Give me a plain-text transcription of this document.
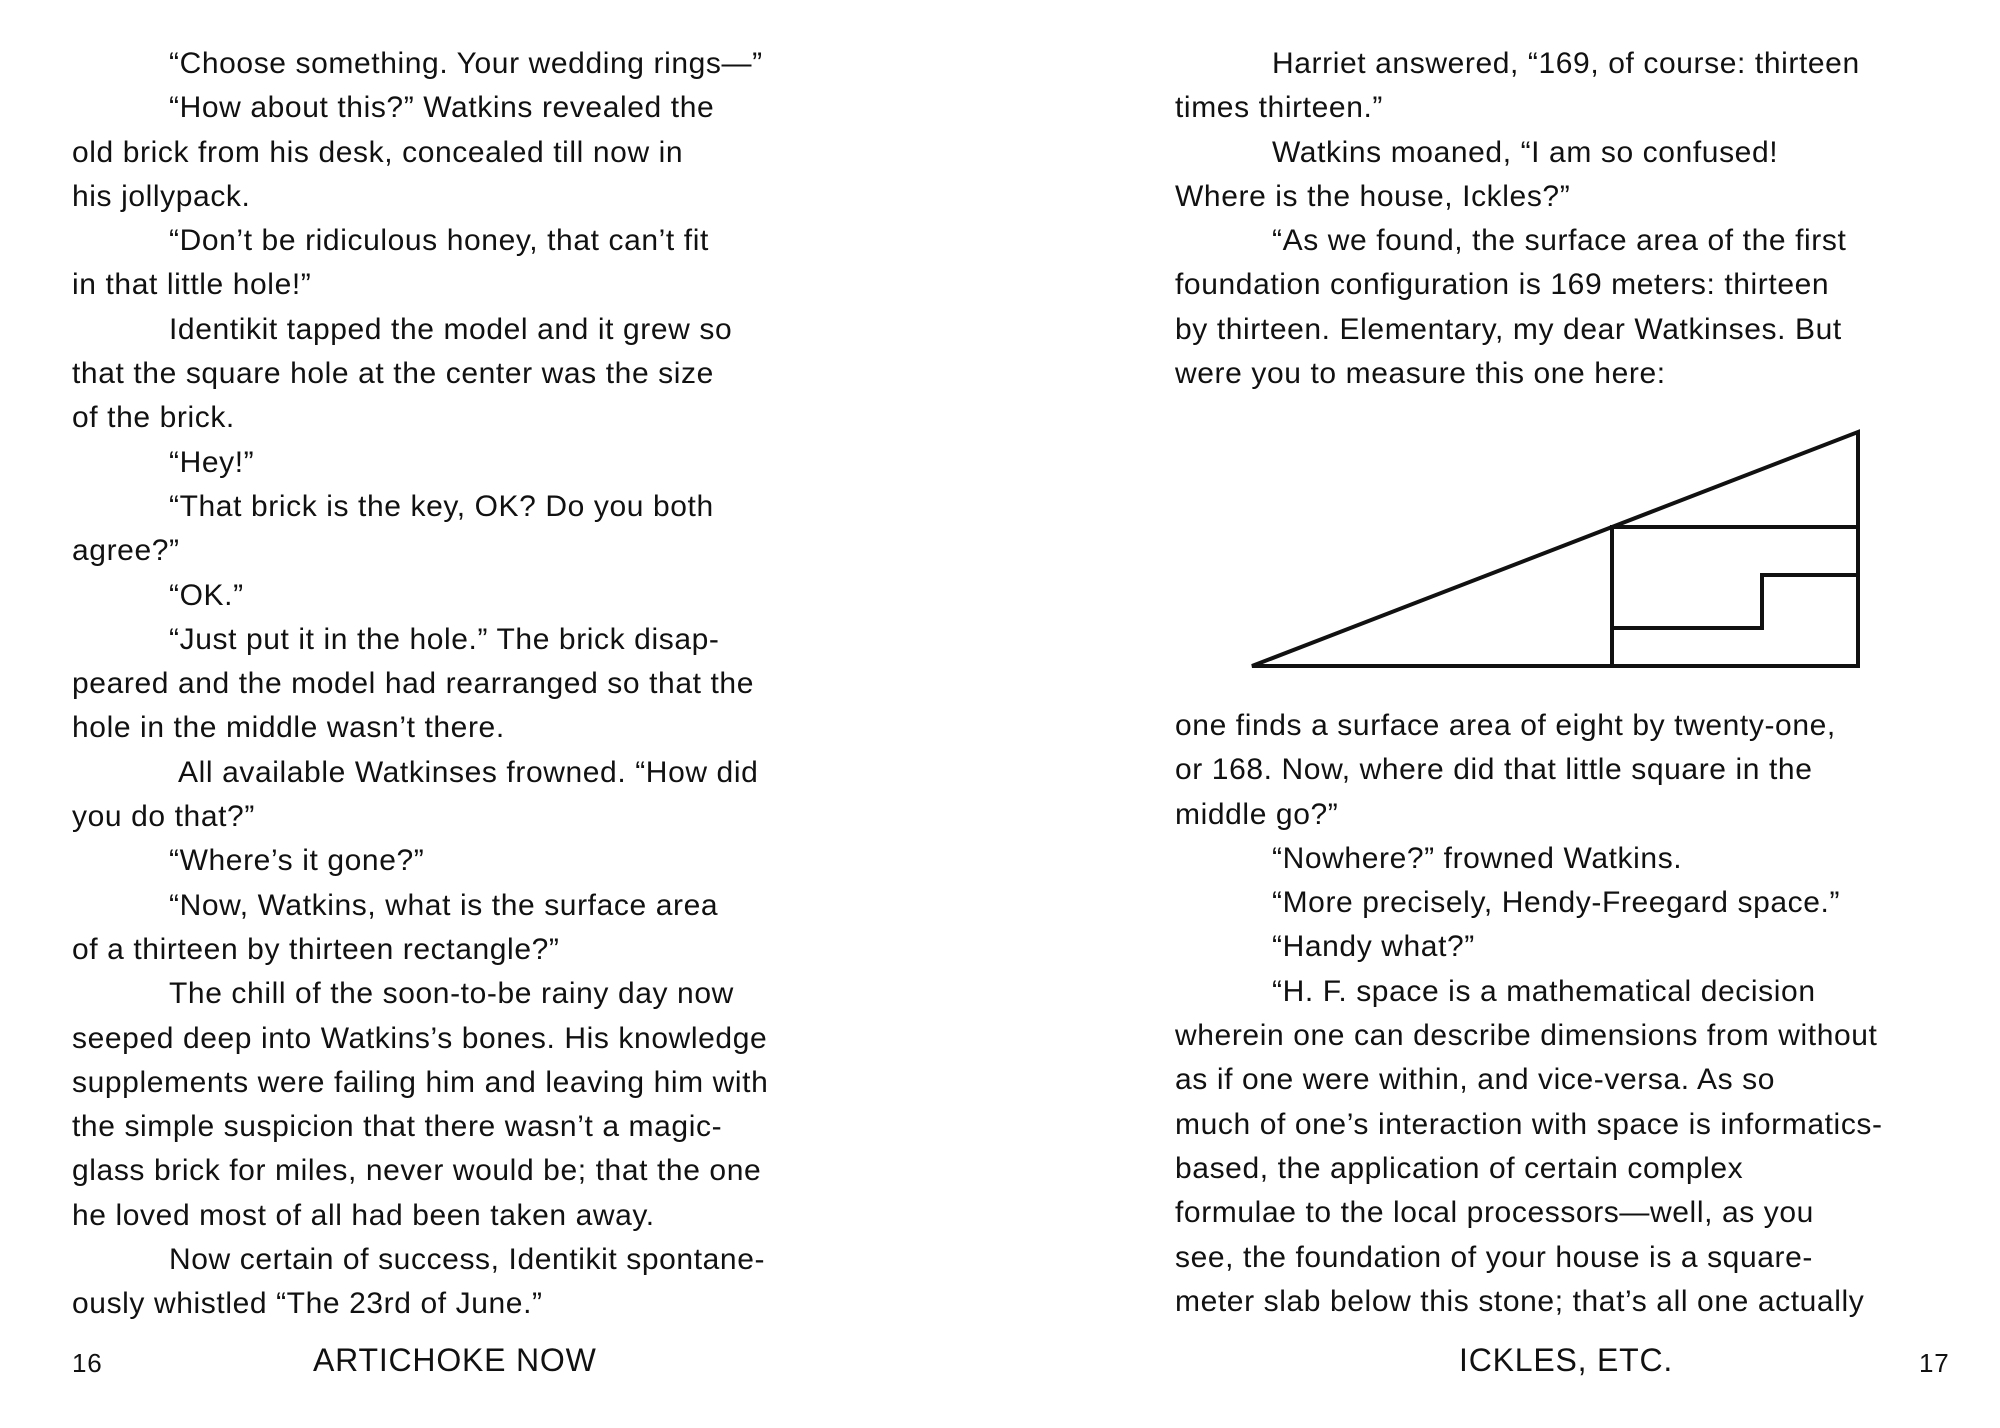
“Choose something. Your wedding rings—”
“How about this?” Watkins revealed the
old brick from his desk, concealed till now in
his jollypack.
“Don’t be ridiculous honey, that can’t fit
in that little hole!”
Identikit tapped the model and it grew so
that the square hole at the center was the size
of the brick.
“Hey!”
“That brick is the key, OK? Do you both
agree?”
“OK.”
“Just put it in the hole.” The brick disap-
peared and the model had rearranged so that the
hole in the middle wasn’t there.
All available Watkinses frowned. “How did
you do that?”
“Where’s it gone?”
“Now, Watkins, what is the surface area
of a thirteen by thirteen rectangle?”
The chill of the soon-to-be rainy day now
seeped deep into Watkins’s bones. His knowledge
supplements were failing him and leaving him with
the simple suspicion that there wasn’t a magic-
glass brick for miles, never would be; that the one
he loved most of all had been taken away.
Now certain of success, Identikit spontane-
ously whistled “The 23rd of June.”
16	ARTICHOKE NOW
Harriet answered, “169, of course: thirteen
times thirteen.”
Watkins moaned, “I am so confused!
Where is the house, Ickles?”
“As we found, the surface area of the first
foundation configuration is 169 meters: thirteen
by thirteen. Elementary, my dear Watkinses. But
were you to measure this one here:
one finds a surface area of eight by twenty-one,
or 168. Now, where did that little square in the
middle go?”
“Nowhere?” frowned Watkins.
“More precisely, Hendy-Freegard space.”
“Handy what?”
“H. F. space is a mathematical decision
wherein one can describe dimensions from without
as if one were within, and vice-versa. As so
much of one’s interaction with space is informatics-
based, the application of certain complex
formulae to the local processors—well, as you
see, the foundation of your house is a square-
meter slab below this stone; that’s all one actually
ICKLES, ETC.	17
